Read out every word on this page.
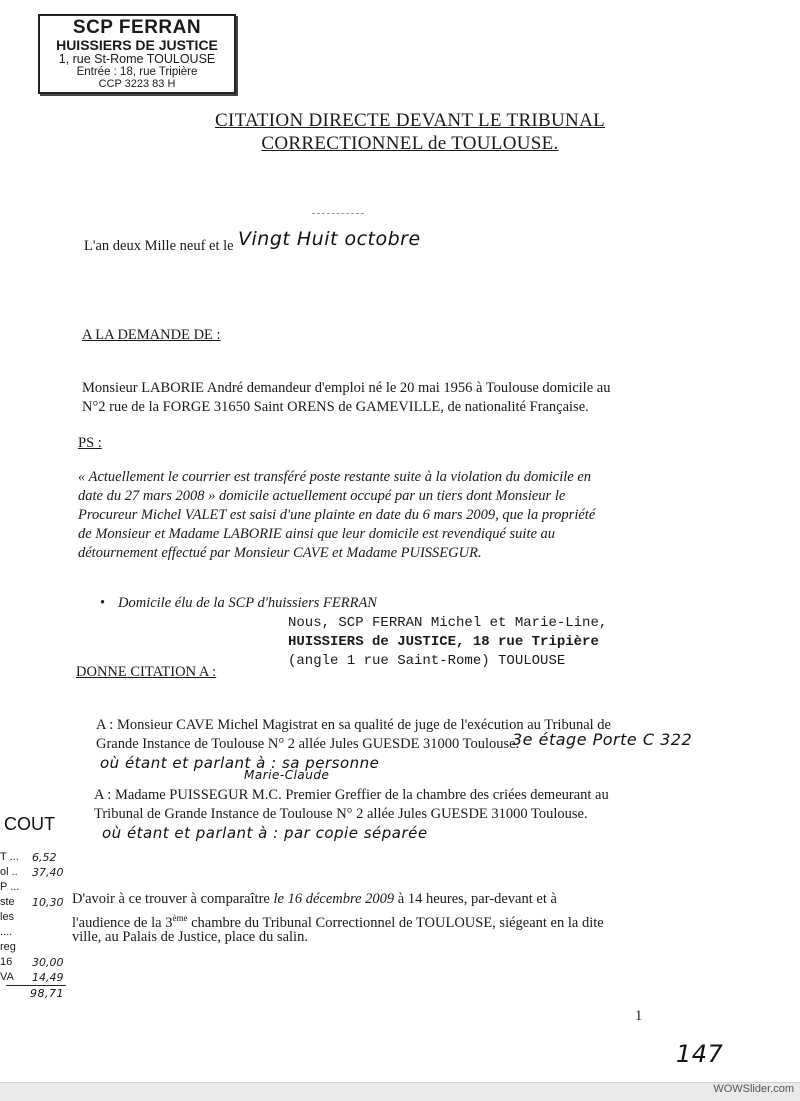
SCP FERRAN
HUISSIERS DE JUSTICE
1, rue St-Rome TOULOUSE
Entrée : 18, rue Tripière
CCP 3223 83 H
CITATION DIRECTE DEVANT LE TRIBUNAL
CORRECTIONNEL de TOULOUSE.
L'an deux Mille neuf et le Vingt Huit octobre
A LA DEMANDE DE :
Monsieur LABORIE André demandeur d'emploi né le 20 mai 1956 à Toulouse domicile au
N°2 rue de la FORGE 31650 Saint ORENS de GAMEVILLE, de nationalité Française.
PS :
« Actuellement le courrier est transféré poste restante suite à la violation du domicile en
date du 27 mars 2008 » domicile actuellement occupé par un tiers dont Monsieur le
Procureur Michel VALET est saisi d'une plainte en date du 6 mars 2009, que la propriété
de Monsieur et Madame LABORIE ainsi que leur domicile est revendiqué suite au
détournement effectué par Monsieur CAVE et Madame PUISSEGUR.
• Domicile élu de la SCP d'huissiers FERRAN
Nous, SCP FERRAN Michel et Marie-Line,
HUISSIERS de JUSTICE, 18 rue Tripière
(angle 1 rue Saint-Rome) TOULOUSE
DONNE CITATION A :
A : Monsieur CAVE Michel Magistrat en sa qualité de juge de l'exécution au Tribunal de
Grande Instance de Toulouse N° 2 allée Jules GUESDE 31000 Toulouse.
3e étage Porte C 322
où étant et parlant à : sa personne
Marie-Claude
A : Madame PUISSEGUR M.C. Premier Greffier de la chambre des criées demeurant au
Tribunal de Grande Instance de Toulouse N° 2 allée Jules GUESDE 31000 Toulouse.
où étant et parlant à : par copie séparée
D'avoir à ce trouver à comparaître le 16 décembre 2009 à 14 heures, par-devant et à
l'audience de la 3ème chambre du Tribunal Correctionnel de TOULOUSE, siégeant en la dite
ville, au Palais de Justice, place du salin.
COUT
T ... 6,52
ol .. 37,40
P ...
ste 10,30
les
....
reg
16 30,00
VA 14,49
98,71
1
147
WOWSlider.com
